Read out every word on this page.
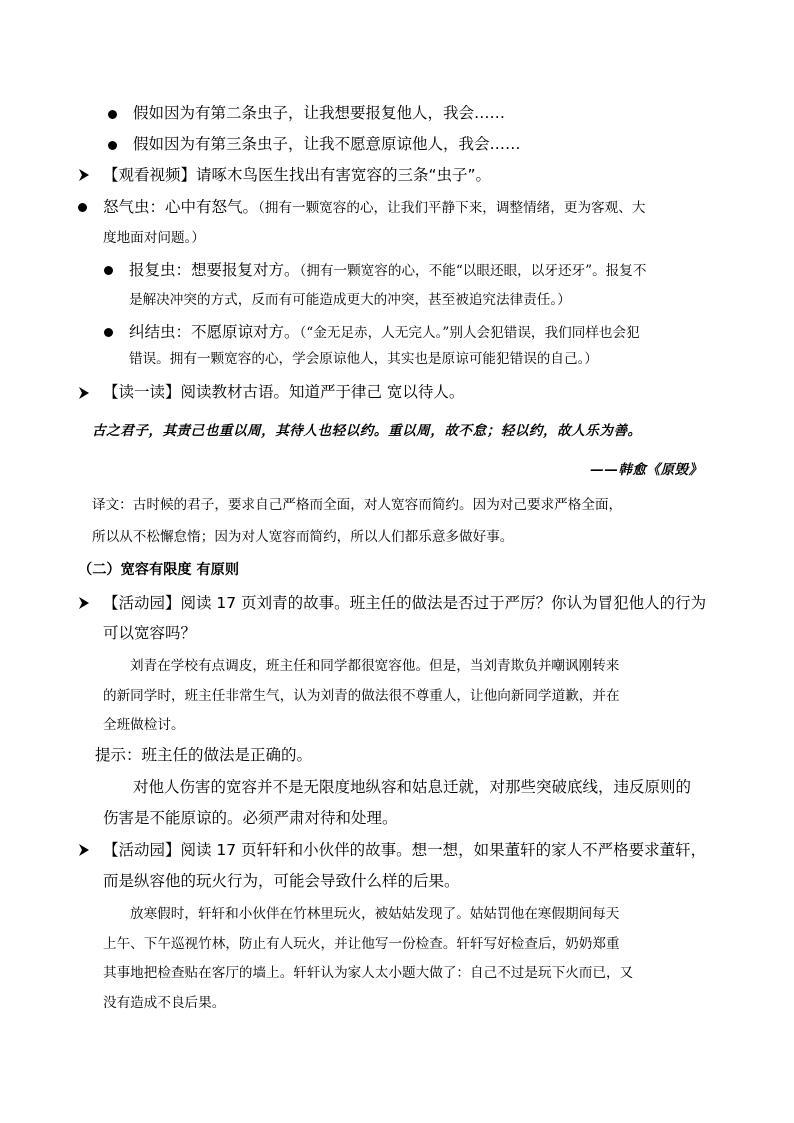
假如因为有第二条虫子，让我想要报复他人，我会……
假如因为有第三条虫子，让我不愿意原谅他人，我会……
【观看视频】请啄木鸟医生找出有害宽容的三条“虫子”。
怒气虫：心中有怒气。（拥有一颗宽容的心，让我们平静下来，调整情绪，更为客观、大
度地面对问题。）
报复虫：想要报复对方。（拥有一颗宽容的心，不能“以眼还眼，以牙还牙”。报复不
是解决冲突的方式，反而有可能造成更大的冲突，甚至被追究法律责任。）
纠结虫：不愿原谅对方。（“金无足赤，人无完人。”别人会犯错误，我们同样也会犯
错误。拥有一颗宽容的心，学会原谅他人，其实也是原谅可能犯错误的自己。）
【读一读】阅读教材古语。知道严于律己 宽以待人。
古之君子，其责己也重以周，其待人也轻以约。重以周，故不怠；轻以约，故人乐为善。
——韩愈《原毁》
译文：古时候的君子，要求自己严格而全面，对人宽容而简约。因为对己要求严格全面，
所以从不松懈怠惰；因为对人宽容而简约，所以人们都乐意多做好事。
（二）宽容有限度 有原则
【活动园】阅读 17 页刘青的故事。班主任的做法是否过于严厉？你认为冒犯他人的行为
可以宽容吗？
刘青在学校有点调皮，班主任和同学都很宽容他。但是，当刘青欺负并嘲讽刚转来
的新同学时，班主任非常生气，认为刘青的做法很不尊重人，让他向新同学道歉，并在
全班做检讨。
提示：班主任的做法是正确的。
对他人伤害的宽容并不是无限度地纵容和姑息迁就，对那些突破底线，违反原则的
伤害是不能原谅的。必须严肃对待和处理。
【活动园】阅读 17 页轩轩和小伙伴的故事。想一想，如果董轩的家人不严格要求董轩，
而是纵容他的玩火行为，可能会导致什么样的后果。
放寒假时，轩轩和小伙伴在竹林里玩火，被姑姑发现了。姑姑罚他在寒假期间每天
上午、下午巡视竹林，防止有人玩火，并让他写一份检查。轩轩写好检查后，奶奶郑重
其事地把检查贴在客厅的墙上。轩轩认为家人太小题大做了：自己不过是玩下火而已，又
没有造成不良后果。
